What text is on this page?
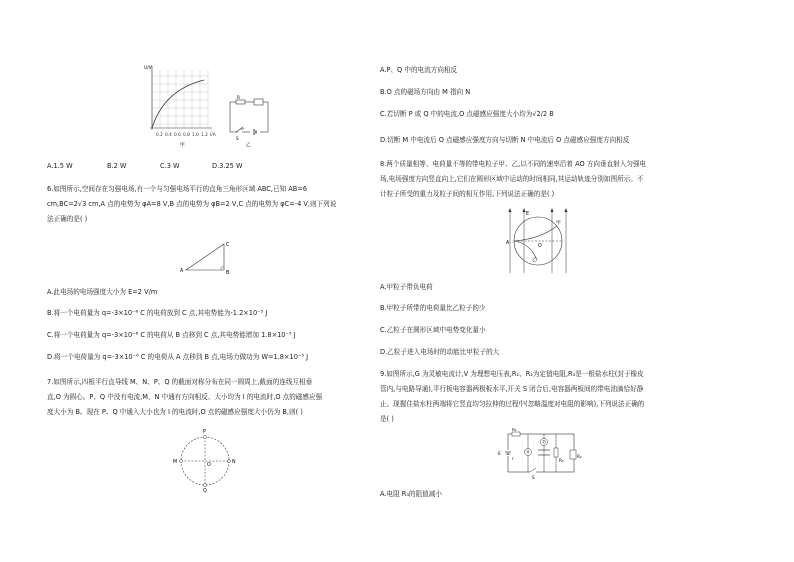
U/V
0.2 0.4 0.6 0.8 1.0 1.2 I/A
甲
R
S
乙
A.1.5 W	B.2 W	C.3 W	D.3.25 W
6.如图所示,空间存在匀强电场,有一个与匀强电场平行的直角三角形区域 ABC,已知 AB=6
cm,BC=2√3 cm,A 点的电势为 φA=8 V,B 点的电势为 φB=2 V,C 点的电势为 φC=-4 V,则下列说
法正确的是( )
C
A	B
A.此电场的电场强度大小为 E=2 V/m
B.将一个电荷量为 q=-3×10⁻⁶ C 的电荷放到 C 点,其电势能为-1.2×10⁻⁵ J
C.将一个电荷量为 q=-3×10⁻⁶ C 的电荷从 B 点移到 C 点,其电势能增加 1.8×10⁻⁵ J
D.将一个电荷量为 q=-3×10⁻⁶ C 的电荷从 A 点移到 B 点,电场力做功为 W=1.8×10⁻⁵ J
7.如图所示,四根平行直导线 M、N、P、Q 的截面对称分布在同一圆周上,截面的连线互相垂
直,O 为圆心。P、Q 中没有电流,M、N 中通有方向相反、大小均为 I 的电流时,O 点的磁感应强
度大小为 B。现在 P、Q 中通入大小也为 I 的电流时,O 点的磁感应强度大小仍为 B,则( )
P
M
O
N
Q
A.P、Q 中的电流方向相反
B.O 点的磁场方向由 M 指向 N
C.若切断 P 或 Q 中的电流,O 点磁感应强度大小均为√2/2 B
D.切断 M 中电流后 O 点磁感应强度方向与切断 N 中电流后 O 点磁感应强度方向相反
8.两个质量相等、电荷量不等的带电粒子甲、乙,以不同的速率沿着 AO 方向垂直射入匀强电
场,电场强度方向竖直向上,它们在圆形区域中运动的时间相同,其运动轨迹分别如图所示。不
计粒子所受的重力及粒子间的相互作用,下列说法正确的是( )
E
A
O
甲
乙
A.甲粒子带负电荷
B.甲粒子所带的电荷量比乙粒子的少
C.乙粒子在圆形区域中电势变化量小
D.乙粒子进入电场时的动能比甲粒子的大
9.如图所示,G 为灵敏电流计,V 为理想电压表,R₁、R₂为定值电阻,R₃是一根盐水柱(封于橡皮
管内,与电路导通),平行板电容器两极板水平,开关 S 闭合后,电容器两板间的带电油滴恰好静
止。现握住盐水柱两端将它竖直均匀拉伸的过程中(忽略温度对电阻的影响),下列说法正确的
是( )
R₁
G
V
R₃
R₂
E
r
S
A.电阻 R₃的阻值减小
